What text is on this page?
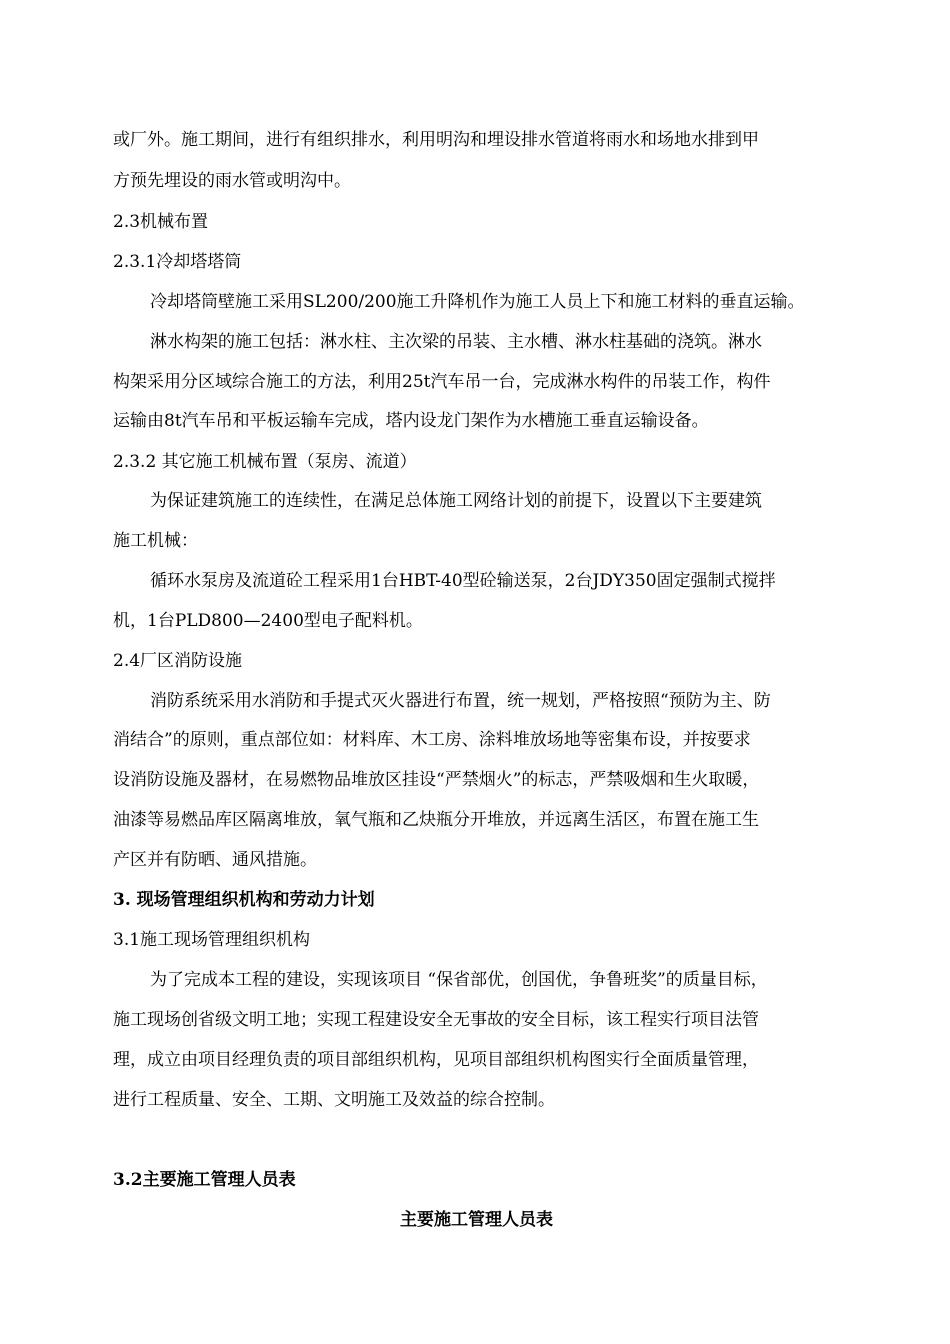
或厂外。施工期间，进行有组织排水，利用明沟和埋设排水管道将雨水和场地水排到甲

方预先埋设的雨水管或明沟中。

2.3机械布置

2.3.1冷却塔塔筒

冷却塔筒壁施工采用SL200/200施工升降机作为施工人员上下和施工材料的垂直运输。

淋水构架的施工包括：淋水柱、主次梁的吊装、主水槽、淋水柱基础的浇筑。淋水

构架采用分区域综合施工的方法，利用25t汽车吊一台，完成淋水构件的吊装工作，构件

运输由8t汽车吊和平板运输车完成，塔内设龙门架作为水槽施工垂直运输设备。

2.3.2 其它施工机械布置（泵房、流道）

为保证建筑施工的连续性，在满足总体施工网络计划的前提下，设置以下主要建筑

施工机械：

循环水泵房及流道砼工程采用1台HBT-40型砼输送泵，2台JDY350固定强制式搅拌

机，1台PLD800—2400型电子配料机。

2.4厂区消防设施

消防系统采用水消防和手提式灭火器进行布置，统一规划，严格按照“预防为主、防

消结合”的原则，重点部位如：材料库、木工房、涂料堆放场地等密集布设，并按要求

设消防设施及器材，在易燃物品堆放区挂设“严禁烟火”的标志，严禁吸烟和生火取暖，

油漆等易燃品库区隔离堆放，氧气瓶和乙炔瓶分开堆放，并远离生活区，布置在施工生

产区并有防晒、通风措施。

3. 现场管理组织机构和劳动力计划

3.1施工现场管理组织机构

为了完成本工程的建设，实现该项目 “保省部优，创国优，争鲁班奖”的质量目标，

施工现场创省级文明工地；实现工程建设安全无事故的安全目标，该工程实行项目法管

理，成立由项目经理负责的项目部组织机构，见项目部组织机构图实行全面质量管理，

进行工程质量、安全、工期、文明施工及效益的综合控制。

3.2主要施工管理人员表

主要施工管理人员表
